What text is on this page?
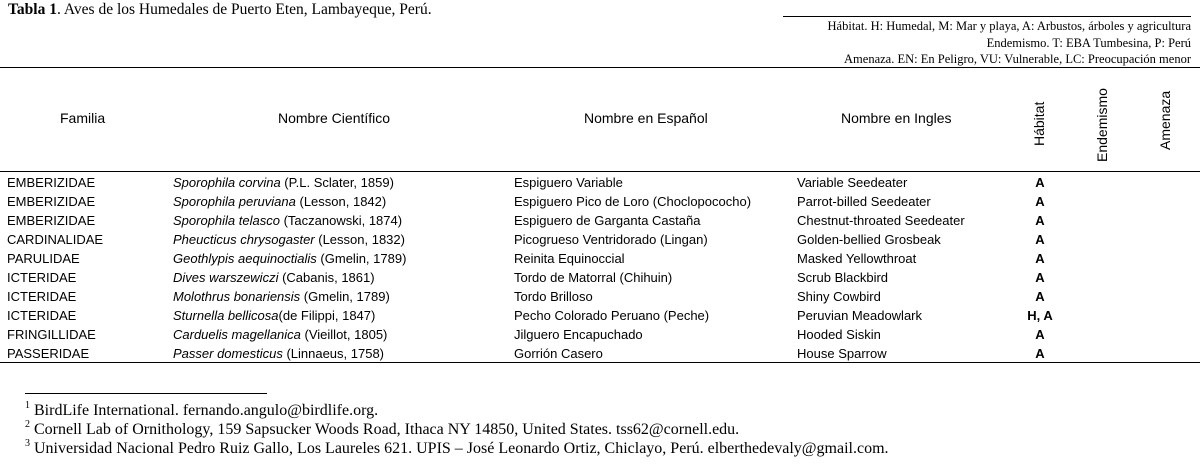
Tabla 1. Aves de los Humedales de Puerto Eten, Lambayeque, Perú.
Hábitat. H: Humedal, M: Mar y playa, A: Arbustos, árboles y agricultura
Endemismo. T: EBA Tumbesina, P: Perú
Amenaza. EN: En Peligro, VU: Vulnerable, LC: Preocupación menor
Familia	Nombre Científico	Nombre en Español	Nombre en Ingles	Hábitat	Endemismo	Amenaza
EMBERIZIDAE	Sporophila corvina (P.L. Sclater, 1859)	Espiguero Variable	Variable Seedeater	A
EMBERIZIDAE	Sporophila peruviana (Lesson, 1842)	Espiguero Pico de Loro (Choclopococho)	Parrot-billed Seedeater	A
EMBERIZIDAE	Sporophila telasco (Taczanowski, 1874)	Espiguero de Garganta Castaña	Chestnut-throated Seedeater	A
CARDINALIDAE	Pheucticus chrysogaster (Lesson, 1832)	Picogrueso Ventridorado (Lingan)	Golden-bellied Grosbeak	A
PARULIDAE	Geothlypis aequinoctialis (Gmelin, 1789)	Reinita Equinoccial	Masked Yellowthroat	A
ICTERIDAE	Dives warszewiczi (Cabanis, 1861)	Tordo de Matorral (Chihuin)	Scrub Blackbird	A
ICTERIDAE	Molothrus bonariensis (Gmelin, 1789)	Tordo Brilloso	Shiny Cowbird	A
ICTERIDAE	Sturnella bellicosa(de Filippi, 1847)	Pecho Colorado Peruano (Peche)	Peruvian Meadowlark	H, A
FRINGILLIDAE	Carduelis magellanica (Vieillot, 1805)	Jilguero Encapuchado	Hooded Siskin	A
PASSERIDAE	Passer domesticus (Linnaeus, 1758)	Gorrión Casero	House Sparrow	A
$^1$ BirdLife International. fernando.angulo@birdlife.org.
$^2$ Cornell Lab of Ornithology, 159 Sapsucker Woods Road, Ithaca NY 14850, United States. tss62@cornell.edu.
$^3$ Universidad Nacional Pedro Ruiz Gallo, Los Laureles 621. UPIS – José Leonardo Ortiz, Chiclayo, Perú. elberthedevaly@gmail.com.
